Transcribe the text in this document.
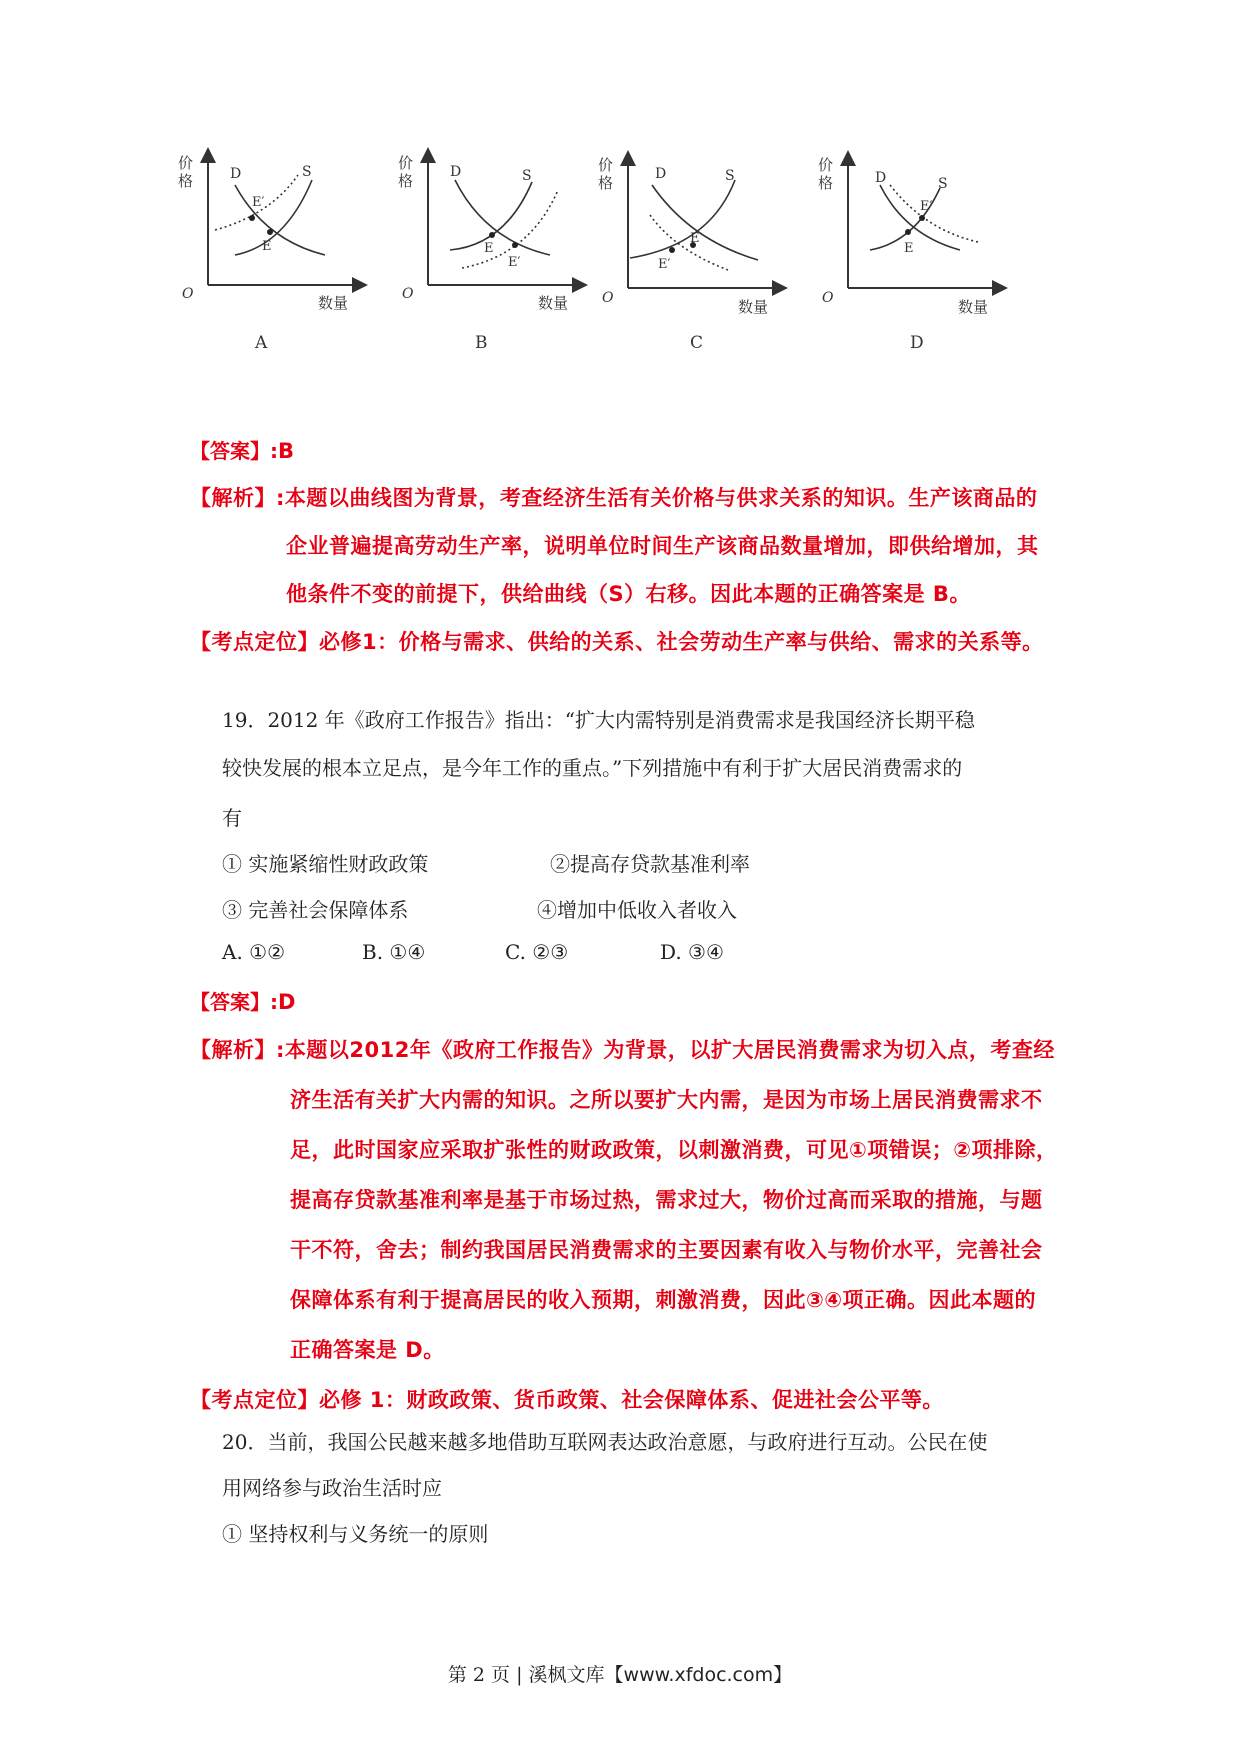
价
格
数量
O
D	S
E′
E
A
价
格
数量
O
D	S
E
E′
B
价
格
数量
O
D	S
E
E′
C
价
格
数量
O
D	S
E′
E
D
【答案】:B
【解析】:本题以曲线图为背景，考查经济生活有关价格与供求关系的知识。生产该商品的
企业普遍提高劳动生产率，说明单位时间生产该商品数量增加，即供给增加，其
他条件不变的前提下，供给曲线（S）右移。因此本题的正确答案是 B。
【考点定位】必修1：价格与需求、供给的关系、社会劳动生产率与供给、需求的关系等。
19．2012 年《政府工作报告》指出：“扩大内需特别是消费需求是我国经济长期平稳
较快发展的根本立足点，是今年工作的重点。”下列措施中有利于扩大居民消费需求的
有
① 实施紧缩性财政政策	②提高存贷款基准利率
③ 完善社会保障体系	④增加中低收入者收入
A. ①②	B. ①④	C. ②③	D. ③④
【答案】:D
【解析】:本题以2012年《政府工作报告》为背景，以扩大居民消费需求为切入点，考查经
济生活有关扩大内需的知识。之所以要扩大内需，是因为市场上居民消费需求不
足，此时国家应采取扩张性的财政政策，以刺激消费，可见①项错误；②项排除，
提高存贷款基准利率是基于市场过热，需求过大，物价过高而采取的措施，与题
干不符，舍去；制约我国居民消费需求的主要因素有收入与物价水平，完善社会
保障体系有利于提高居民的收入预期，刺激消费，因此③④项正确。因此本题的
正确答案是 D。
【考点定位】必修 1：财政政策、货币政策、社会保障体系、促进社会公平等。
20．当前，我国公民越来越多地借助互联网表达政治意愿，与政府进行互动。公民在使
用网络参与政治生活时应
① 坚持权利与义务统一的原则
第 2 页 | 溪枫文库【www.xfdoc.com】
